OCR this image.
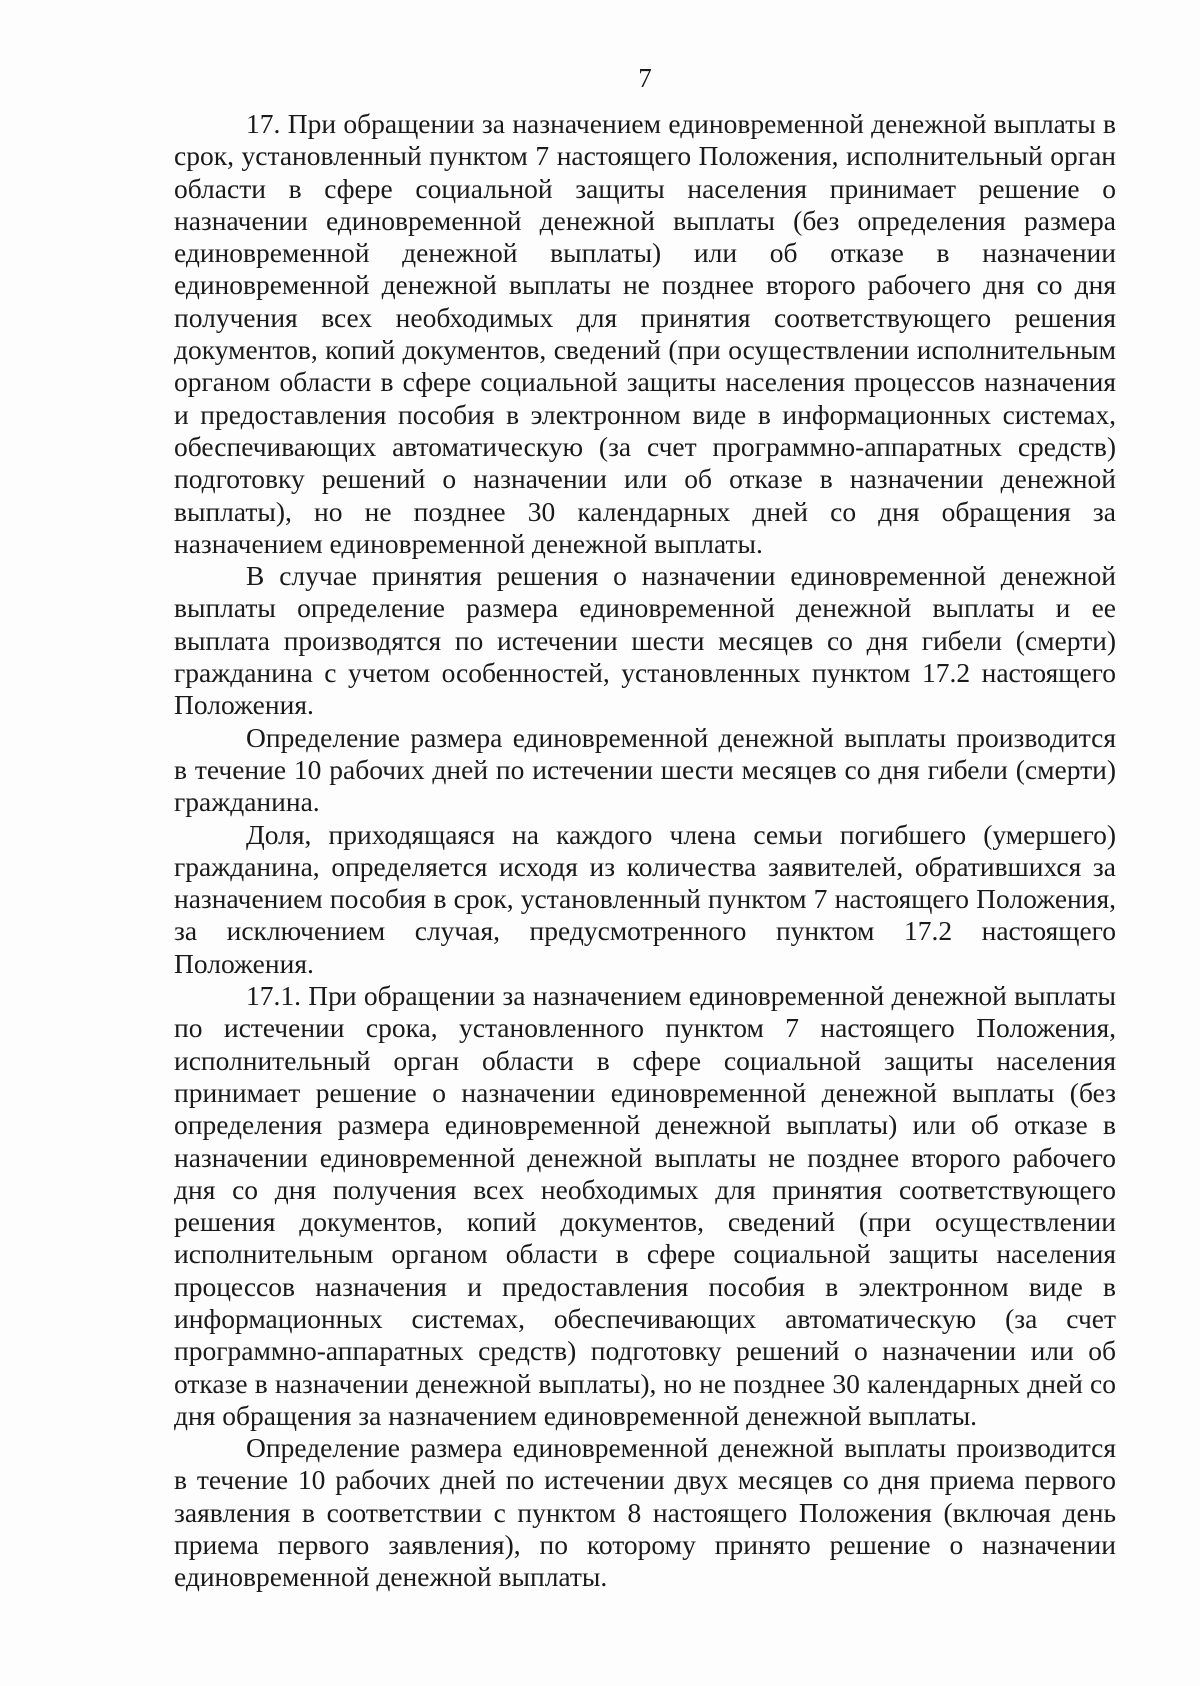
7

17. При обращении за назначением единовременной денежной выплаты в срок, установленный пунктом 7 настоящего Положения, исполнительный орган области в сфере социальной защиты населения принимает решение о назначении единовременной денежной выплаты (без определения размера единовременной денежной выплаты) или об отказе в назначении единовременной денежной выплаты не позднее второго рабочего дня со дня получения всех необходимых для принятия соответствующего решения документов, копий документов, сведений (при осуществлении исполнительным органом области в сфере социальной защиты населения процессов назначения и предоставления пособия в электронном виде в информационных системах, обеспечивающих автоматическую (за счет программно-аппаратных средств) подготовку решений о назначении или об отказе в назначении денежной выплаты), но не позднее 30 календарных дней со дня обращения за назначением единовременной денежной выплаты.

В случае принятия решения о назначении единовременной денежной выплаты определение размера единовременной денежной выплаты и ее выплата производятся по истечении шести месяцев со дня гибели (смерти) гражданина с учетом особенностей, установленных пунктом 17.2 настоящего Положения.

Определение размера единовременной денежной выплаты производится в течение 10 рабочих дней по истечении шести месяцев со дня гибели (смерти) гражданина.

Доля, приходящаяся на каждого члена семьи погибшего (умершего) гражданина, определяется исходя из количества заявителей, обратившихся за назначением пособия в срок, установленный пунктом 7 настоящего Положения, за исключением случая, предусмотренного пунктом 17.2 настоящего Положения.

17.1. При обращении за назначением единовременной денежной выплаты по истечении срока, установленного пунктом 7 настоящего Положения, исполнительный орган области в сфере социальной защиты населения принимает решение о назначении единовременной денежной выплаты (без определения размера единовременной денежной выплаты) или об отказе в назначении единовременной денежной выплаты не позднее второго рабочего дня со дня получения всех необходимых для принятия соответствующего решения документов, копий документов, сведений (при осуществлении исполнительным органом области в сфере социальной защиты населения процессов назначения и предоставления пособия в электронном виде в информационных системах, обеспечивающих автоматическую (за счет программно-аппаратных средств) подготовку решений о назначении или об отказе в назначении денежной выплаты), но не позднее 30 календарных дней со дня обращения за назначением единовременной денежной выплаты.

Определение размера единовременной денежной выплаты производится в течение 10 рабочих дней по истечении двух месяцев со дня приема первого заявления в соответствии с пунктом 8 настоящего Положения (включая день приема первого заявления), по которому принято решение о назначении единовременной денежной выплаты.
